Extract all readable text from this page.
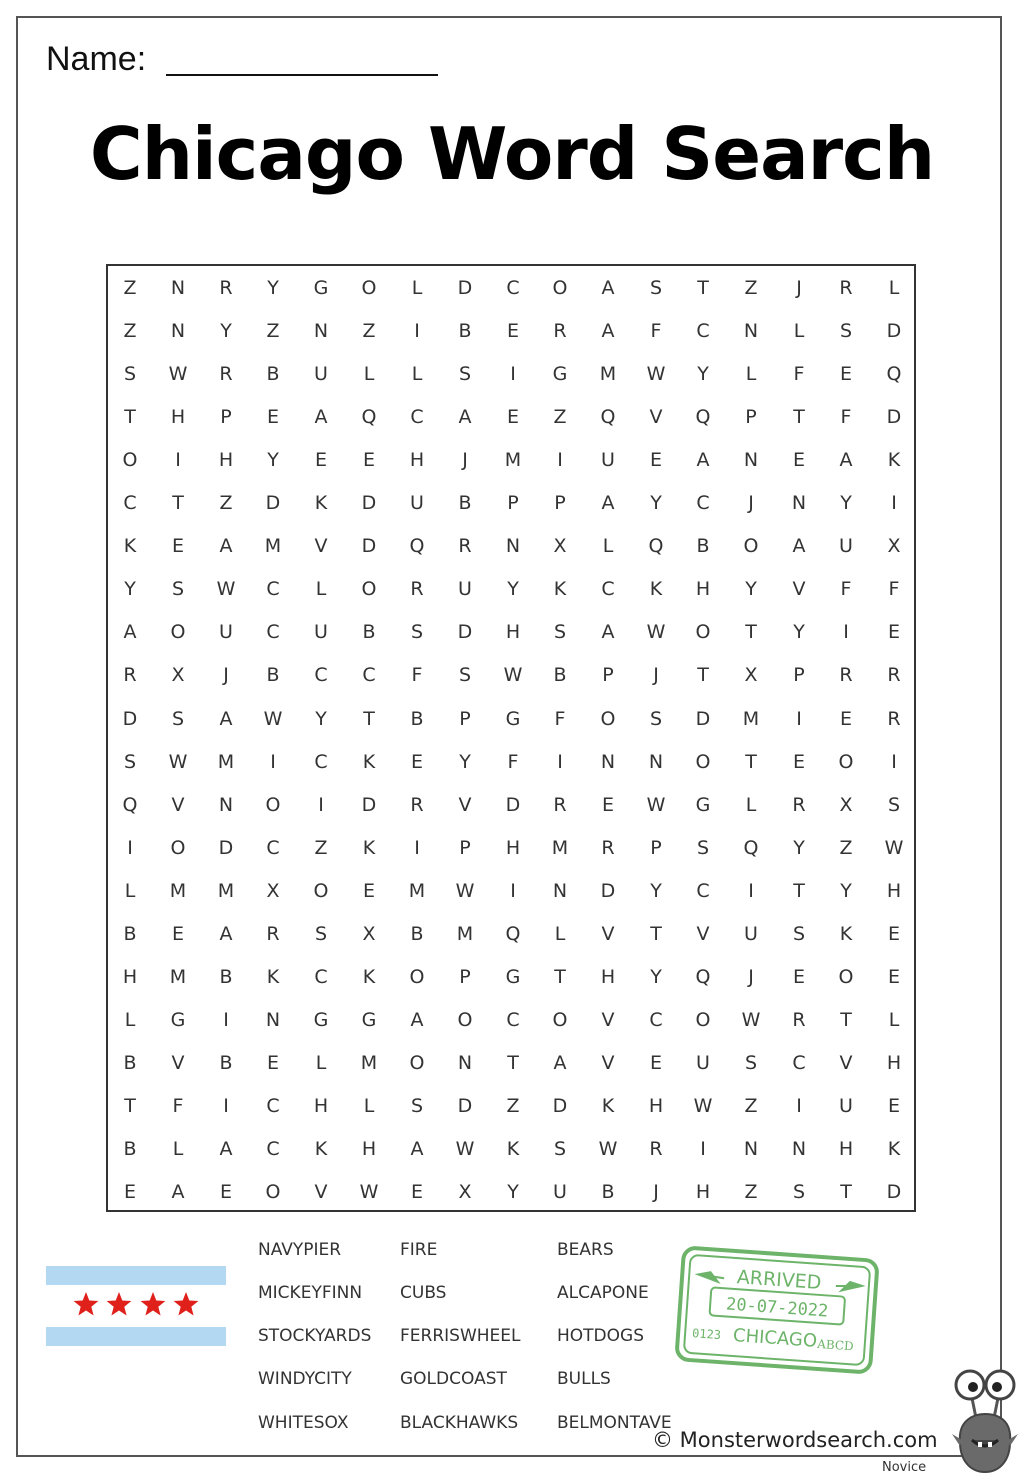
Name:
Chicago Word Search
Z	N	R	Y	G	O	L	D	C	O	A	S	T	Z	J	R	L
Z	N	Y	Z	N	Z	I	B	E	R	A	F	C	N	L	S	D
S	W	R	B	U	L	L	S	I	G	M	W	Y	L	F	E	Q
T	H	P	E	A	Q	C	A	E	Z	Q	V	Q	P	T	F	D
O	I	H	Y	E	E	H	J	M	I	U	E	A	N	E	A	K
C	T	Z	D	K	D	U	B	P	P	A	Y	C	J	N	Y	I
K	E	A	M	V	D	Q	R	N	X	L	Q	B	O	A	U	X
Y	S	W	C	L	O	R	U	Y	K	C	K	H	Y	V	F	F
A	O	U	C	U	B	S	D	H	S	A	W	O	T	Y	I	E
R	X	J	B	C	C	F	S	W	B	P	J	T	X	P	R	R
D	S	A	W	Y	T	B	P	G	F	O	S	D	M	I	E	R
S	W	M	I	C	K	E	Y	F	I	N	N	O	T	E	O	I
Q	V	N	O	I	D	R	V	D	R	E	W	G	L	R	X	S
I	O	D	C	Z	K	I	P	H	M	R	P	S	Q	Y	Z	W
L	M	M	X	O	E	M	W	I	N	D	Y	C	I	T	Y	H
B	E	A	R	S	X	B	M	Q	L	V	T	V	U	S	K	E
H	M	B	K	C	K	O	P	G	T	H	Y	Q	J	E	O	E
L	G	I	N	G	G	A	O	C	O	V	C	O	W	R	T	L
B	V	B	E	L	M	O	N	T	A	V	E	U	S	C	V	H
T	F	I	C	H	L	S	D	Z	D	K	H	W	Z	I	U	E
B	L	A	C	K	H	A	W	K	S	W	R	I	N	N	H	K
E	A	E	O	V	W	E	X	Y	U	B	J	H	Z	S	T	D
NAVYPIER
MICKEYFINN
STOCKYARDS
WINDYCITY
WHITESOX
FIRE
CUBS
FERRISWHEEL
GOLDCOAST
BLACKHAWKS
BEARS
ALCAPONE
HOTDOGS
BULLS
BELMONTAVE
ARRIVED
20-07-2022
0123 CHICAGO ABCD
© Monsterwordsearch.com
Novice
